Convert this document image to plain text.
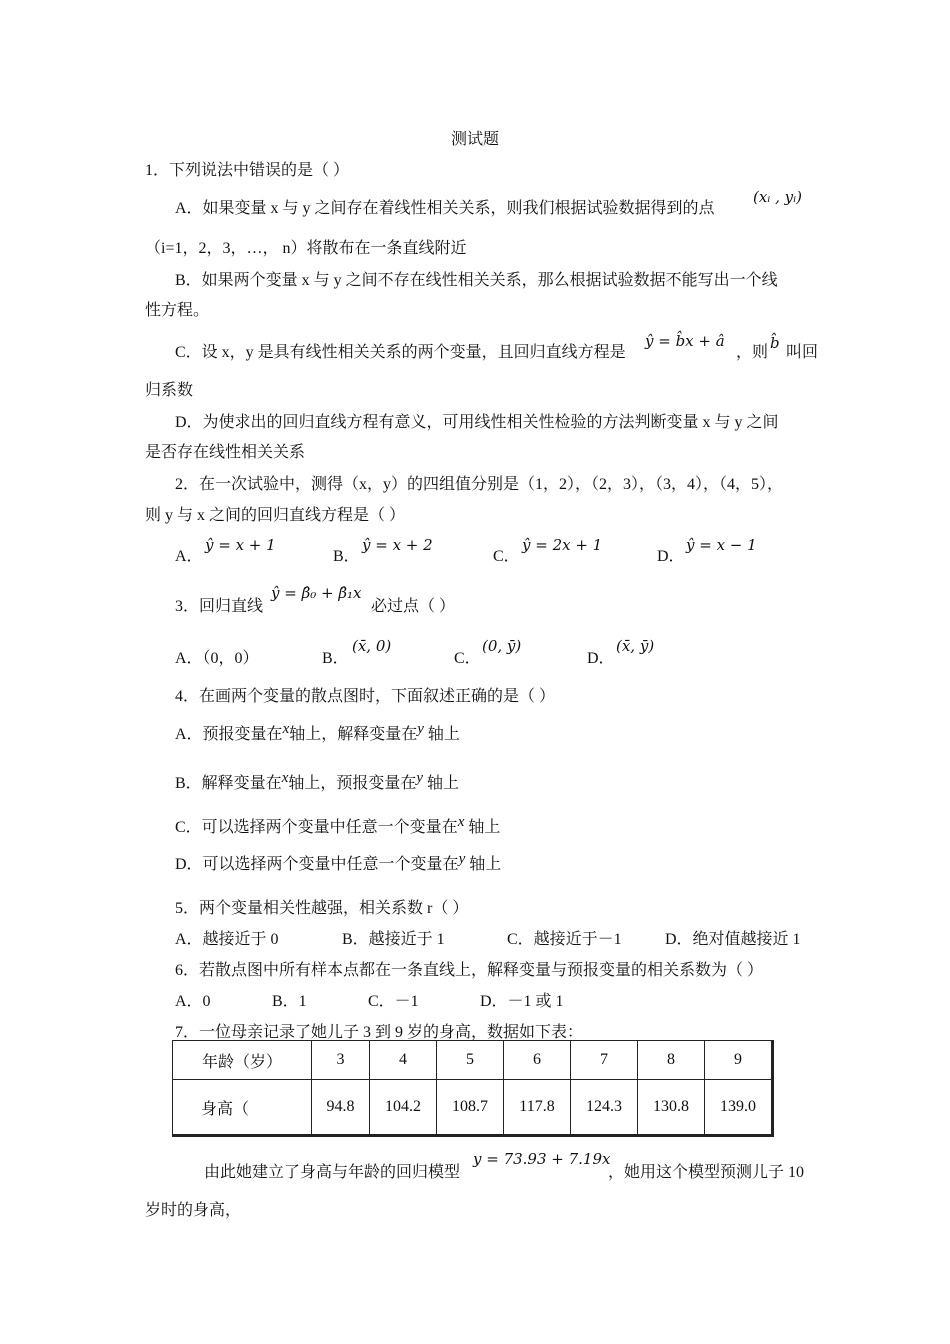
测试题
1．下列说法中错误的是（ ）
A．如果变量 x 与 y 之间存在着线性相关关系，则我们根据试验数据得到的点
(xᵢ , yᵢ)
（i=1，2，3，…， n）将散布在一条直线附近
B．如果两个变量 x 与 y 之间不存在线性相关关系，那么根据试验数据不能写出一个线
性方程。
C．设 x，y 是具有线性相关关系的两个变量，且回归直线方程是
ŷ = b̂x + â
，则
b̂
叫回
归系数
D．为使求出的回归直线方程有意义，可用线性相关性检验的方法判断变量 x 与 y 之间
是否存在线性相关关系
2．在一次试验中，测得（x，y）的四组值分别是（1，2），（2，3），（3，4），（4，5），
则 y 与 x 之间的回归直线方程是（ ）
A．
ŷ = x + 1
B．
ŷ = x + 2
C．
ŷ = 2x + 1
D．
ŷ = x − 1
3．回归直线
ŷ = β̂₀ + β̂₁x
必过点（ ）
A．（0，0）	B．
(x̄, 0)
C．
(0, ȳ)
D．
(x̄, ȳ)
4．在画两个变量的散点图时，下面叙述正确的是（ ）
A．预报变量在x轴上，解释变量在y 轴上
B．解释变量在x轴上，预报变量在y 轴上
C．可以选择两个变量中任意一个变量在x 轴上
D．可以选择两个变量中任意一个变量在y 轴上
5．两个变量相关性越强，相关系数 r（ ）
A．越接近于 0	B．越接近于 1	C．越接近于－1	D．绝对值越接近 1
6．若散点图中所有样本点都在一条直线上，解释变量与预报变量的相关系数为（ ）
A．0	B．1	C．－1	D．－1 或 1
7．一位母亲记录了她儿子 3 到 9 岁的身高，数据如下表：
年龄（岁）	3	4	5	6	7	8	9
身高（	94.8	104.2	108.7	117.8	124.3	130.8	139.0
由此她建立了身高与年龄的回归模型
y = 73.93 + 7.19x
，她用这个模型预测儿子 10
岁时的身高，
